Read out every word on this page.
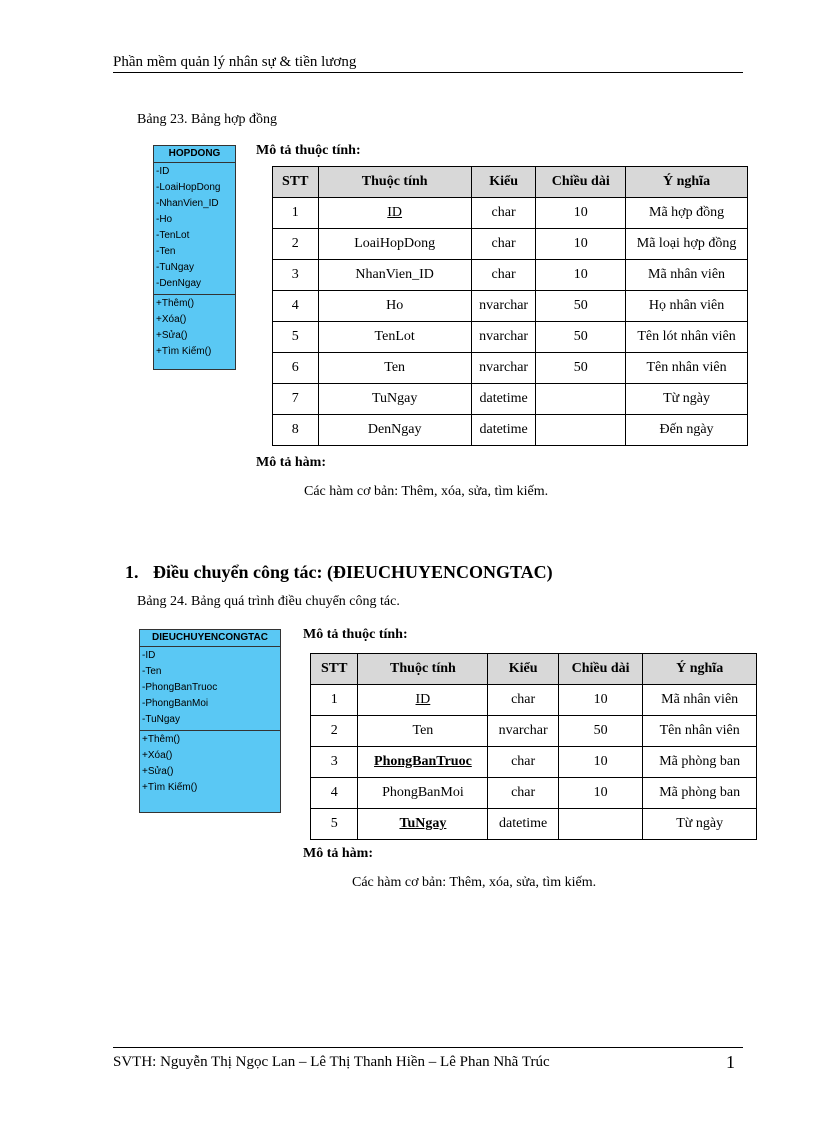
Phần mềm quản lý nhân sự & tiền lương
Bảng 23. Bảng hợp đồng
HOPDONG
-ID
-LoaiHopDong
-NhanVien_ID
-Ho
-TenLot
-Ten
-TuNgay
-DenNgay
+Thêm()
+Xóa()
+Sửa()
+Tìm Kiếm()
Mô tả thuộc tính:
STT	Thuộc tính	Kiểu	Chiều dài	Ý nghĩa
1	ID	char	10	Mã hợp đồng
2	LoaiHopDong	char	10	Mã loại hợp đồng
3	NhanVien_ID	char	10	Mã nhân viên
4	Ho	nvarchar	50	Họ nhân viên
5	TenLot	nvarchar	50	Tên lót nhân viên
6	Ten	nvarchar	50	Tên nhân viên
7	TuNgay	datetime		Từ ngày
8	DenNgay	datetime		Đến ngày
Mô tả hàm:
Các hàm cơ bản: Thêm, xóa, sửa, tìm kiếm.
1. Điều chuyển công tác: (ĐIEUCHUYENCONGTAC)
Bảng 24. Bảng quá trình điều chuyển công tác.
DIEUCHUYENCONGTAC
-ID
-Ten
-PhongBanTruoc
-PhongBanMoi
-TuNgay
+Thêm()
+Xóa()
+Sửa()
+Tìm Kiếm()
Mô tả thuộc tính:
STT	Thuộc tính	Kiểu	Chiều dài	Ý nghĩa
1	ID	char	10	Mã nhân viên
2	Ten	nvarchar	50	Tên nhân viên
3	PhongBanTruoc	char	10	Mã phòng ban
4	PhongBanMoi	char	10	Mã phòng ban
5	TuNgay	datetime		Từ ngày
Mô tả hàm:
Các hàm cơ bản: Thêm, xóa, sửa, tìm kiếm.
SVTH: Nguyễn Thị Ngọc Lan – Lê Thị Thanh Hiền – Lê Phan Nhã Trúc	1
